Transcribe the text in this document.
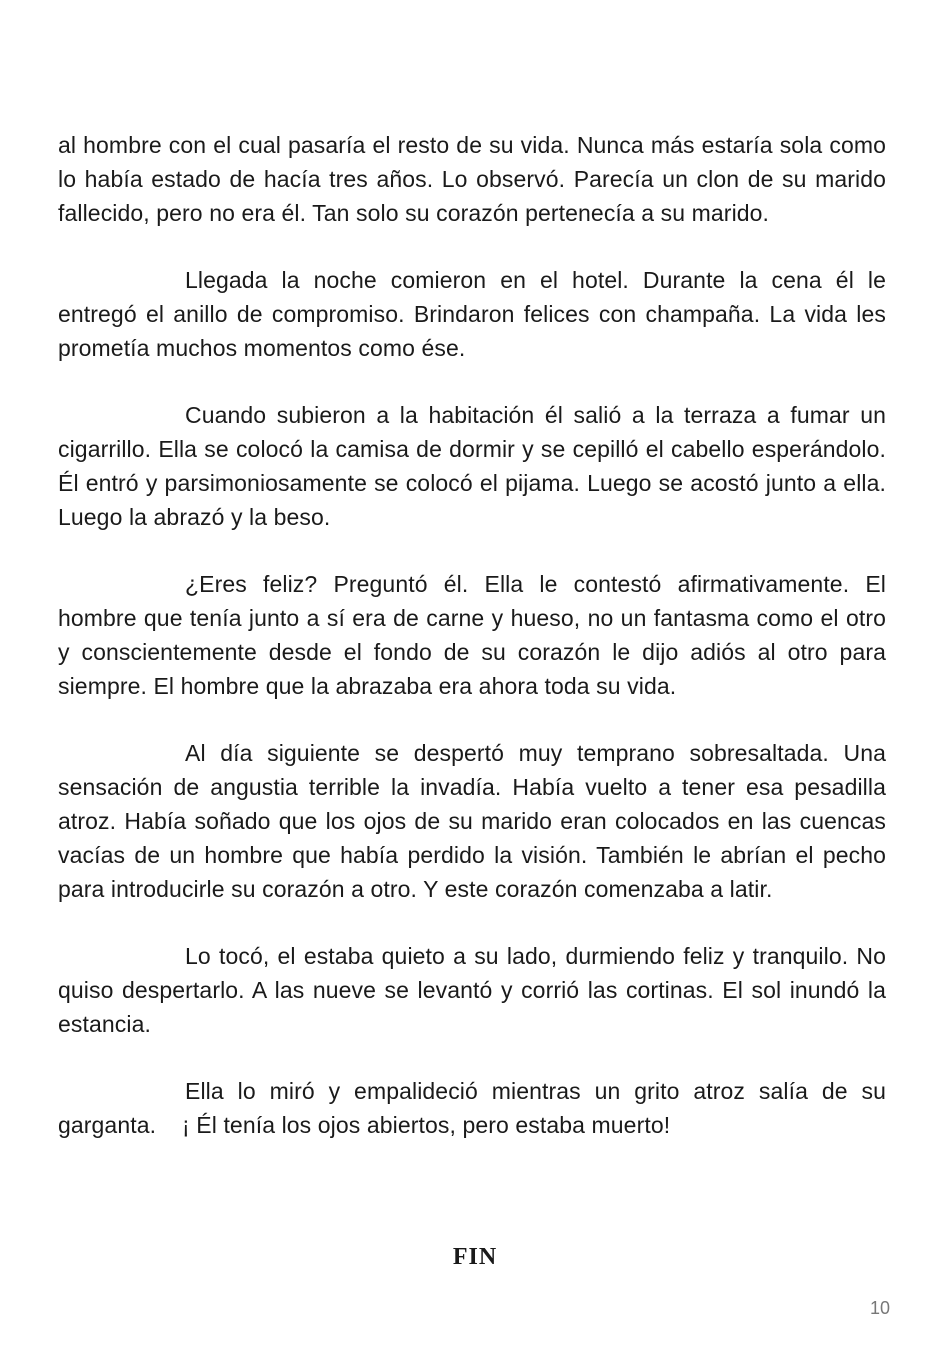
al hombre con el cual pasaría el resto de su vida. Nunca más estaría sola como lo había estado de hacía tres años. Lo observó. Parecía un clon de su marido fallecido, pero no era él. Tan solo su corazón pertenecía a su marido.

Llegada la noche comieron en el hotel. Durante la cena él le entregó el anillo de compromiso. Brindaron felices con champaña. La vida les prometía muchos momentos como ése.

Cuando subieron a la habitación él salió a la terraza a fumar un cigarrillo. Ella se colocó la camisa de dormir y se cepilló el cabello esperándolo. Él entró y parsimoniosamente se colocó el pijama. Luego se acostó junto a ella. Luego la abrazó y la beso.

¿Eres feliz? Preguntó él. Ella le contestó afirmativamente. El hombre que tenía junto a sí era de carne y hueso, no un fantasma como el otro y conscientemente desde el fondo de su corazón le dijo adiós al otro para siempre. El hombre que la abrazaba era ahora toda su vida.

Al día siguiente se despertó muy temprano sobresaltada. Una sensación de angustia terrible la invadía. Había vuelto a tener esa pesadilla atroz. Había soñado que los ojos de su marido eran colocados en las cuencas vacías de un hombre que había perdido la visión. También le abrían el pecho para introducirle su corazón a otro. Y este corazón comenzaba a latir.

Lo tocó, el estaba quieto a su lado, durmiendo feliz y tranquilo. No quiso despertarlo. A las nueve se levantó y corrió las cortinas. El sol inundó la estancia.

Ella lo miró y empalideció mientras un grito atroz salía de su garganta.    ¡ Él tenía los ojos abiertos, pero estaba muerto!

FIN
10
